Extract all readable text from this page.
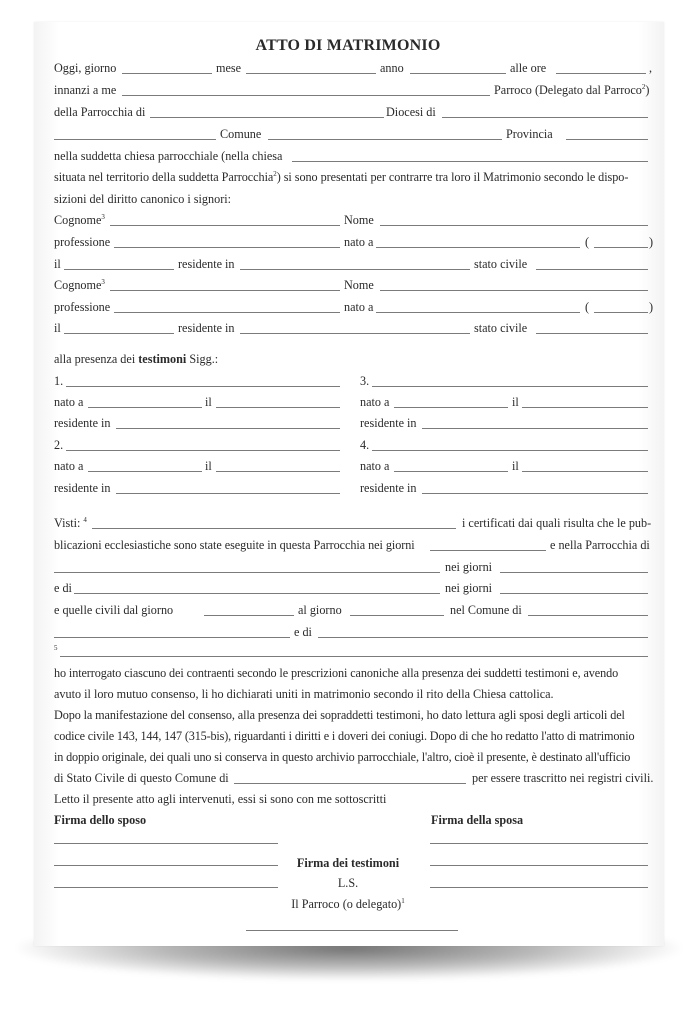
ATTO DI MATRIMONIO
Oggi, giorno	mese	anno	alle ore	,
innanzi a me	Parroco (Delegato dal Parroco$^2$)
della Parrocchia di	Diocesi di
Comune	Provincia
nella suddetta chiesa parrocchiale (nella chiesa
situata nel territorio della suddetta Parrocchia$^2$) si sono presentati per contrarre tra loro il Matrimonio secondo le dispo-
sizioni del diritto canonico i signori:
Cognome$^3$	Nome
professione	nato a	(	)
il	residente in	stato civile
Cognome$^3$	Nome
professione	nato a	(	)
il	residente in	stato civile
alla presenza dei testimoni Sigg.:
1.
nato a	il
residente in
3.
nato a	il
residente in
2.
nato a	il
residente in
4.
nato a	il
residente in
Visti: $^4$	i certificati dai quali risulta che le pub-
blicazioni ecclesiastiche sono state eseguite in questa Parrocchia nei giorni	e nella Parrocchia di
nei giorni
e di	nei giorni
e quelle civili dal giorno	al giorno	nel Comune di
e di
5
ho interrogato ciascuno dei contraenti secondo le prescrizioni canoniche alla presenza dei suddetti testimoni e, avendo
avuto il loro mutuo consenso, li ho dichiarati uniti in matrimonio secondo il rito della Chiesa cattolica.
Dopo la manifestazione del consenso, alla presenza dei sopraddetti testimoni, ho dato lettura agli sposi degli articoli del
codice civile 143, 144, 147 (315-bis), riguardanti i diritti e i doveri dei coniugi. Dopo di che ho redatto l'atto di matrimonio
in doppio originale, dei quali uno si conserva in questo archivio parrocchiale, l'altro, cioè il presente, è destinato all'ufficio
di Stato Civile di questo Comune di	per essere trascritto nei registri civili.
Letto il presente atto agli intervenuti, essi si sono con me sottoscritti
Firma dello sposo	Firma della sposa
Firma dei testimoni
L.S.
Il Parroco (o delegato)$^1$
